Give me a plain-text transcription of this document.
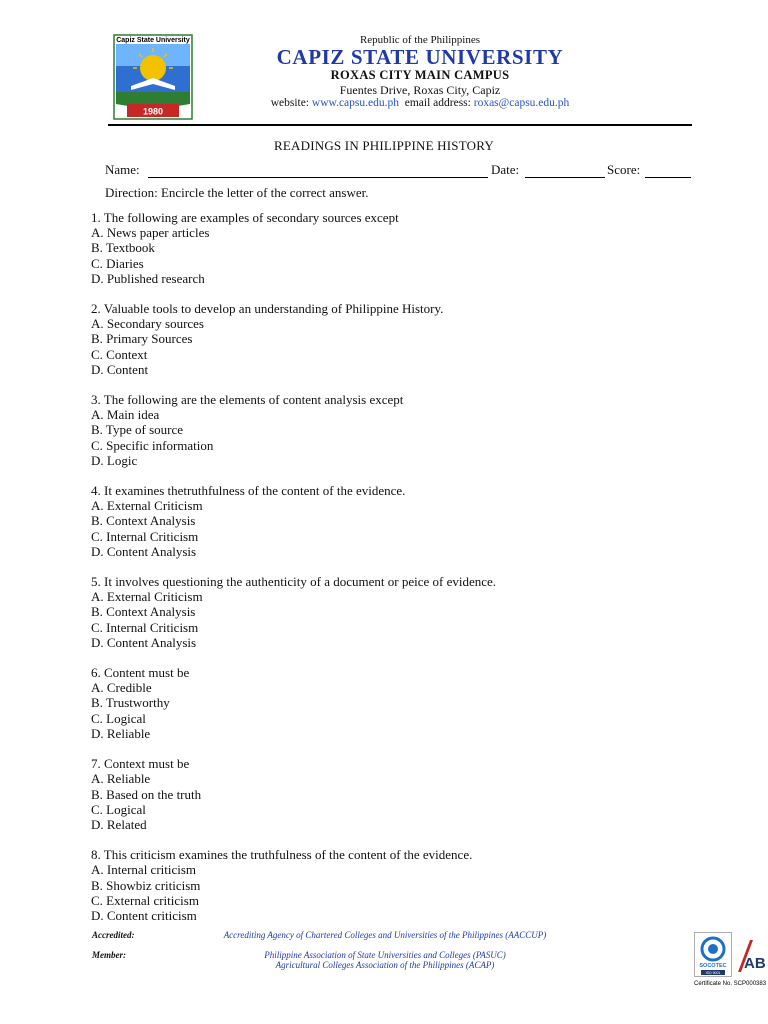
Capiz State University
1980
Republic of the Philippines
CAPIZ STATE UNIVERSITY
ROXAS CITY MAIN CAMPUS
Fuentes Drive, Roxas City, Capiz
website: www.capsu.edu.ph email address: roxas@capsu.edu.ph
READINGS IN PHILIPPINE HISTORY
Name:	Date:	Score:
Direction: Encircle the letter of the correct answer.
1. The following are examples of secondary sources except
A. News paper articles
B. Textbook
C. Diaries
D. Published research
2. Valuable tools to develop an understanding of Philippine History.
A. Secondary sources
B. Primary Sources
C. Context
D. Content
3. The following are the elements of content analysis except
A. Main idea
B. Type of source
C. Specific information
D. Logic
4. It examines thetruthfulness of the content of the evidence.
A. External Criticism
B. Context Analysis
C. Internal Criticism
D. Content Analysis
5. It involves questioning the authenticity of a document or peice of evidence.
A. External Criticism
B. Context Analysis
C. Internal Criticism
D. Content Analysis
6. Content must be
A. Credible
B. Trustworthy
C. Logical
D. Reliable
7. Context must be
A. Reliable
B. Based on the truth
C. Logical
D. Related
8. This criticism examines the truthfulness of the content of the evidence.
A. Internal criticism
B. Showbiz criticism
C. External criticism
D. Content criticism
Accredited:	Accrediting Agency of Chartered Colleges and Universities of the Philippines (AACCUP)
Member:	Philippine Association of State Universities and Colleges (PASUC)
Agricultural Colleges Association of the Philippines (ACAP)	SOCOTEC
ISO 9001
AB
Certificate No. SCP000383
